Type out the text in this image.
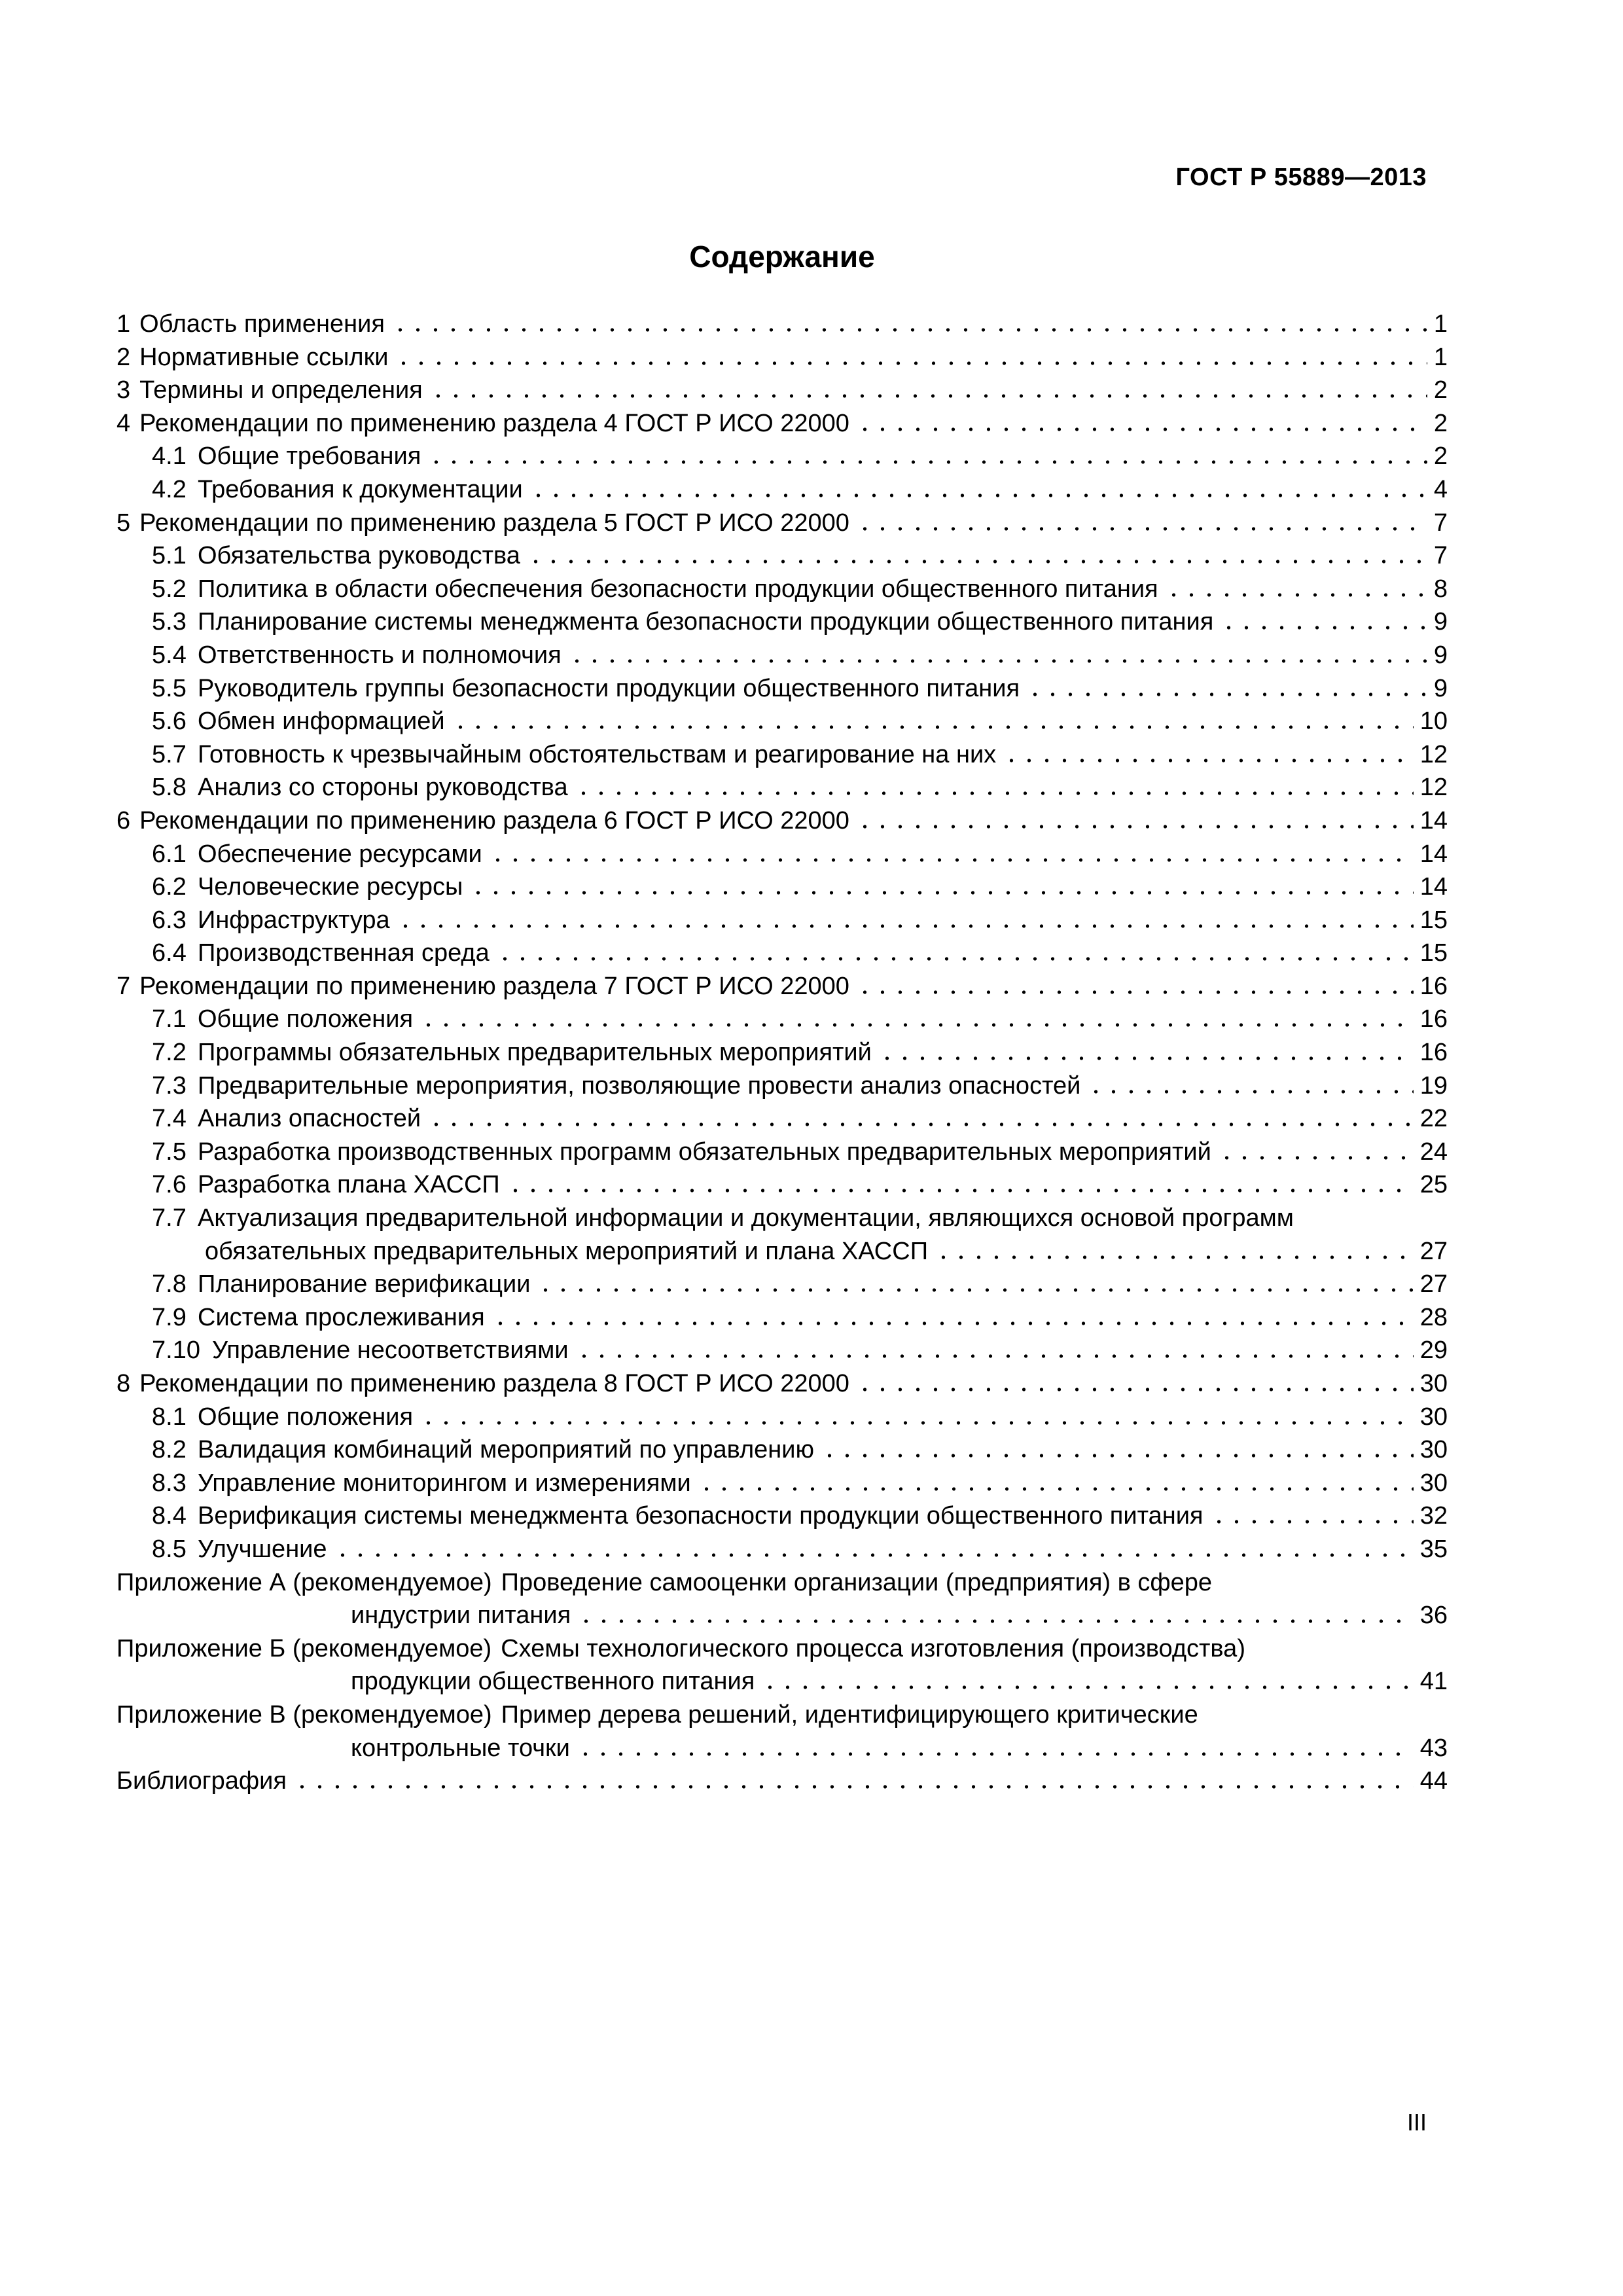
ГОСТ Р 55889—2013
Содержание
1 Область применения	1
2 Нормативные ссылки	1
3 Термины и определения	2
4 Рекомендации по применению раздела 4 ГОСТ Р ИСО 22000	2
4.1 Общие требования	2
4.2 Требования к документации	4
5 Рекомендации по применению раздела 5 ГОСТ Р ИСО 22000	7
5.1 Обязательства руководства	7
5.2 Политика в области обеспечения безопасности продукции общественного питания	8
5.3 Планирование системы менеджмента безопасности продукции общественного питания	9
5.4 Ответственность и полномочия	9
5.5 Руководитель группы безопасности продукции общественного питания	9
5.6 Обмен информацией	10
5.7 Готовность к чрезвычайным обстоятельствам и реагирование на них	12
5.8 Анализ со стороны руководства	12
6 Рекомендации по применению раздела 6 ГОСТ Р ИСО 22000	14
6.1 Обеспечение ресурсами	14
6.2 Человеческие ресурсы	14
6.3 Инфраструктура	15
6.4 Производственная среда	15
7 Рекомендации по применению раздела 7 ГОСТ Р ИСО 22000	16
7.1 Общие положения	16
7.2 Программы обязательных предварительных мероприятий	16
7.3 Предварительные мероприятия, позволяющие провести анализ опасностей	19
7.4 Анализ опасностей	22
7.5 Разработка производственных программ обязательных предварительных мероприятий	24
7.6 Разработка плана ХАССП	25
7.7 Актуализация предварительной информации и документации, являющихся основой программ
обязательных предварительных мероприятий и плана ХАССП	27
7.8 Планирование верификации	27
7.9 Система прослеживания	28
7.10 Управление несоответствиями	29
8 Рекомендации по применению раздела 8 ГОСТ Р ИСО 22000	30
8.1 Общие положения	30
8.2 Валидация комбинаций мероприятий по управлению	30
8.3 Управление мониторингом и измерениями	30
8.4 Верификация системы менеджмента безопасности продукции общественного питания	32
8.5 Улучшение	35
Приложение А (рекомендуемое) Проведение самооценки организации (предприятия) в сфере
индустрии питания	36
Приложение Б (рекомендуемое) Схемы технологического процесса изготовления (производства)
продукции общественного питания	41
Приложение В (рекомендуемое) Пример дерева решений, идентифицирующего критические
контрольные точки	43
Библиография	44
III
